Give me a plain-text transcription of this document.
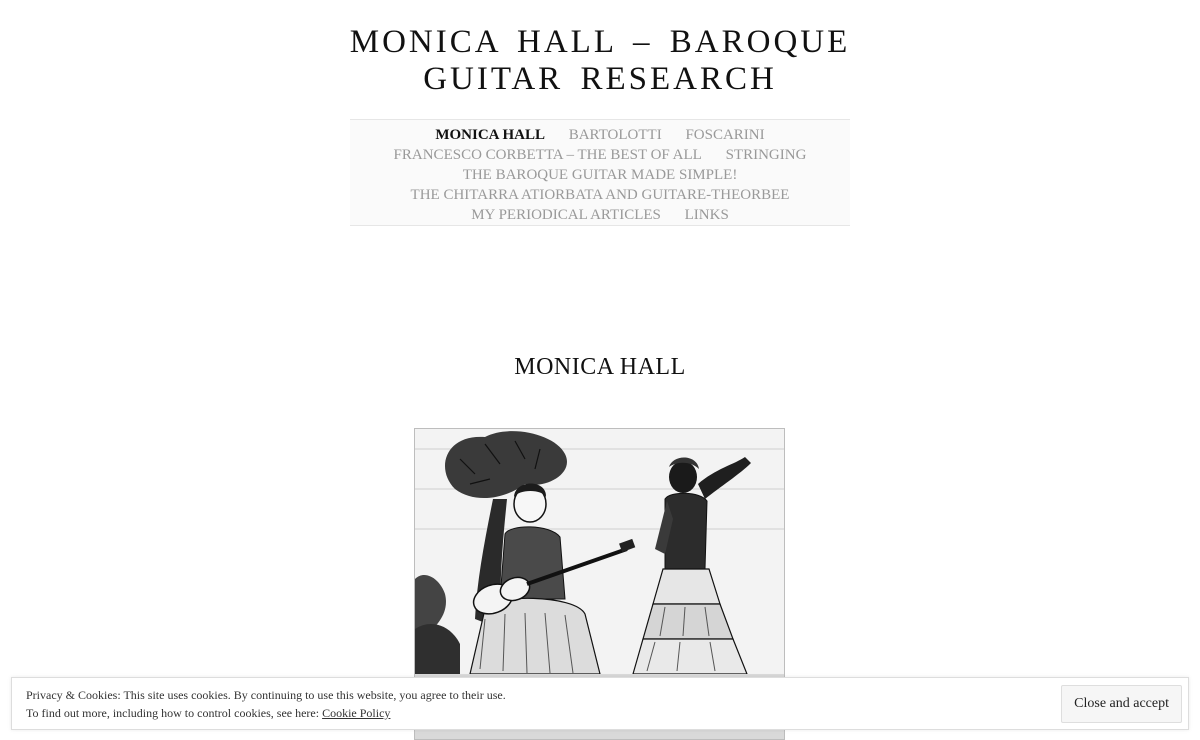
MONICA HALL – BAROQUE
GUITAR RESEARCH
MONICA HALL BARTOLOTTI FOSCARINI
FRANCESCO CORBETTA – THE BEST OF ALL STRINGING
THE BAROQUE GUITAR MADE SIMPLE!
THE CHITARRA ATIORBATA AND GUITARE-THEORBEE
MY PERIODICAL ARTICLES LINKS
MONICA HALL
Privacy & Cookies: This site uses cookies. By continuing to use this website, you agree to their use.
To find out more, including how to control cookies, see here: Cookie Policy
Close and accept
